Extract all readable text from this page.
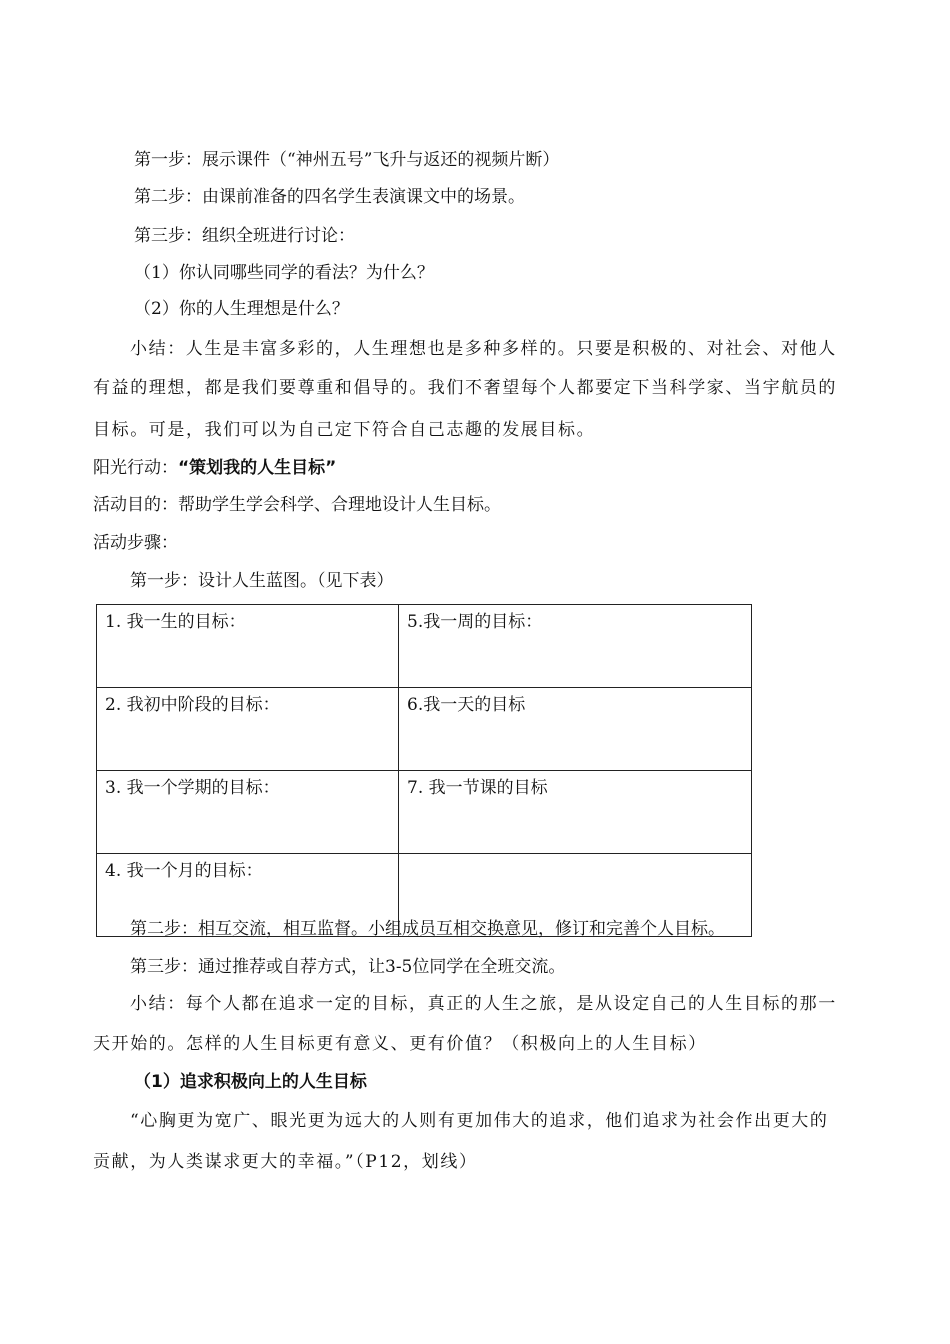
第一步：展示课件（“神州五号”飞升与返还的视频片断）
第二步：由课前准备的四名学生表演课文中的场景。
第三步：组织全班进行讨论：
（1）你认同哪些同学的看法？为什么？
（2）你的人生理想是什么？
小结：人生是丰富多彩的，人生理想也是多种多样的。只要是积极的、对社会、对他人
有益的理想，都是我们要尊重和倡导的。我们不奢望每个人都要定下当科学家、当宇航员的
目标。可是，我们可以为自己定下符合自己志趣的发展目标。
阳光行动：“策划我的人生目标”
活动目的：帮助学生学会科学、合理地设计人生目标。
活动步骤：
第一步：设计人生蓝图。（见下表）
1. 我一生的目标：	5.我一周的目标：
2. 我初中阶段的目标：	6.我一天的目标
3. 我一个学期的目标：	7. 我一节课的目标
4. 我一个月的目标：	
第二步：相互交流，相互监督。小组成员互相交换意见，修订和完善个人目标。
第三步：通过推荐或自荐方式，让3-5位同学在全班交流。
小结：每个人都在追求一定的目标，真正的人生之旅，是从设定自己的人生目标的那一
天开始的。怎样的人生目标更有意义、更有价值？（积极向上的人生目标）
（1）追求积极向上的人生目标
“心胸更为宽广、眼光更为远大的人则有更加伟大的追求，他们追求为社会作出更大的
贡献，为人类谋求更大的幸福。”（P12，划线）
